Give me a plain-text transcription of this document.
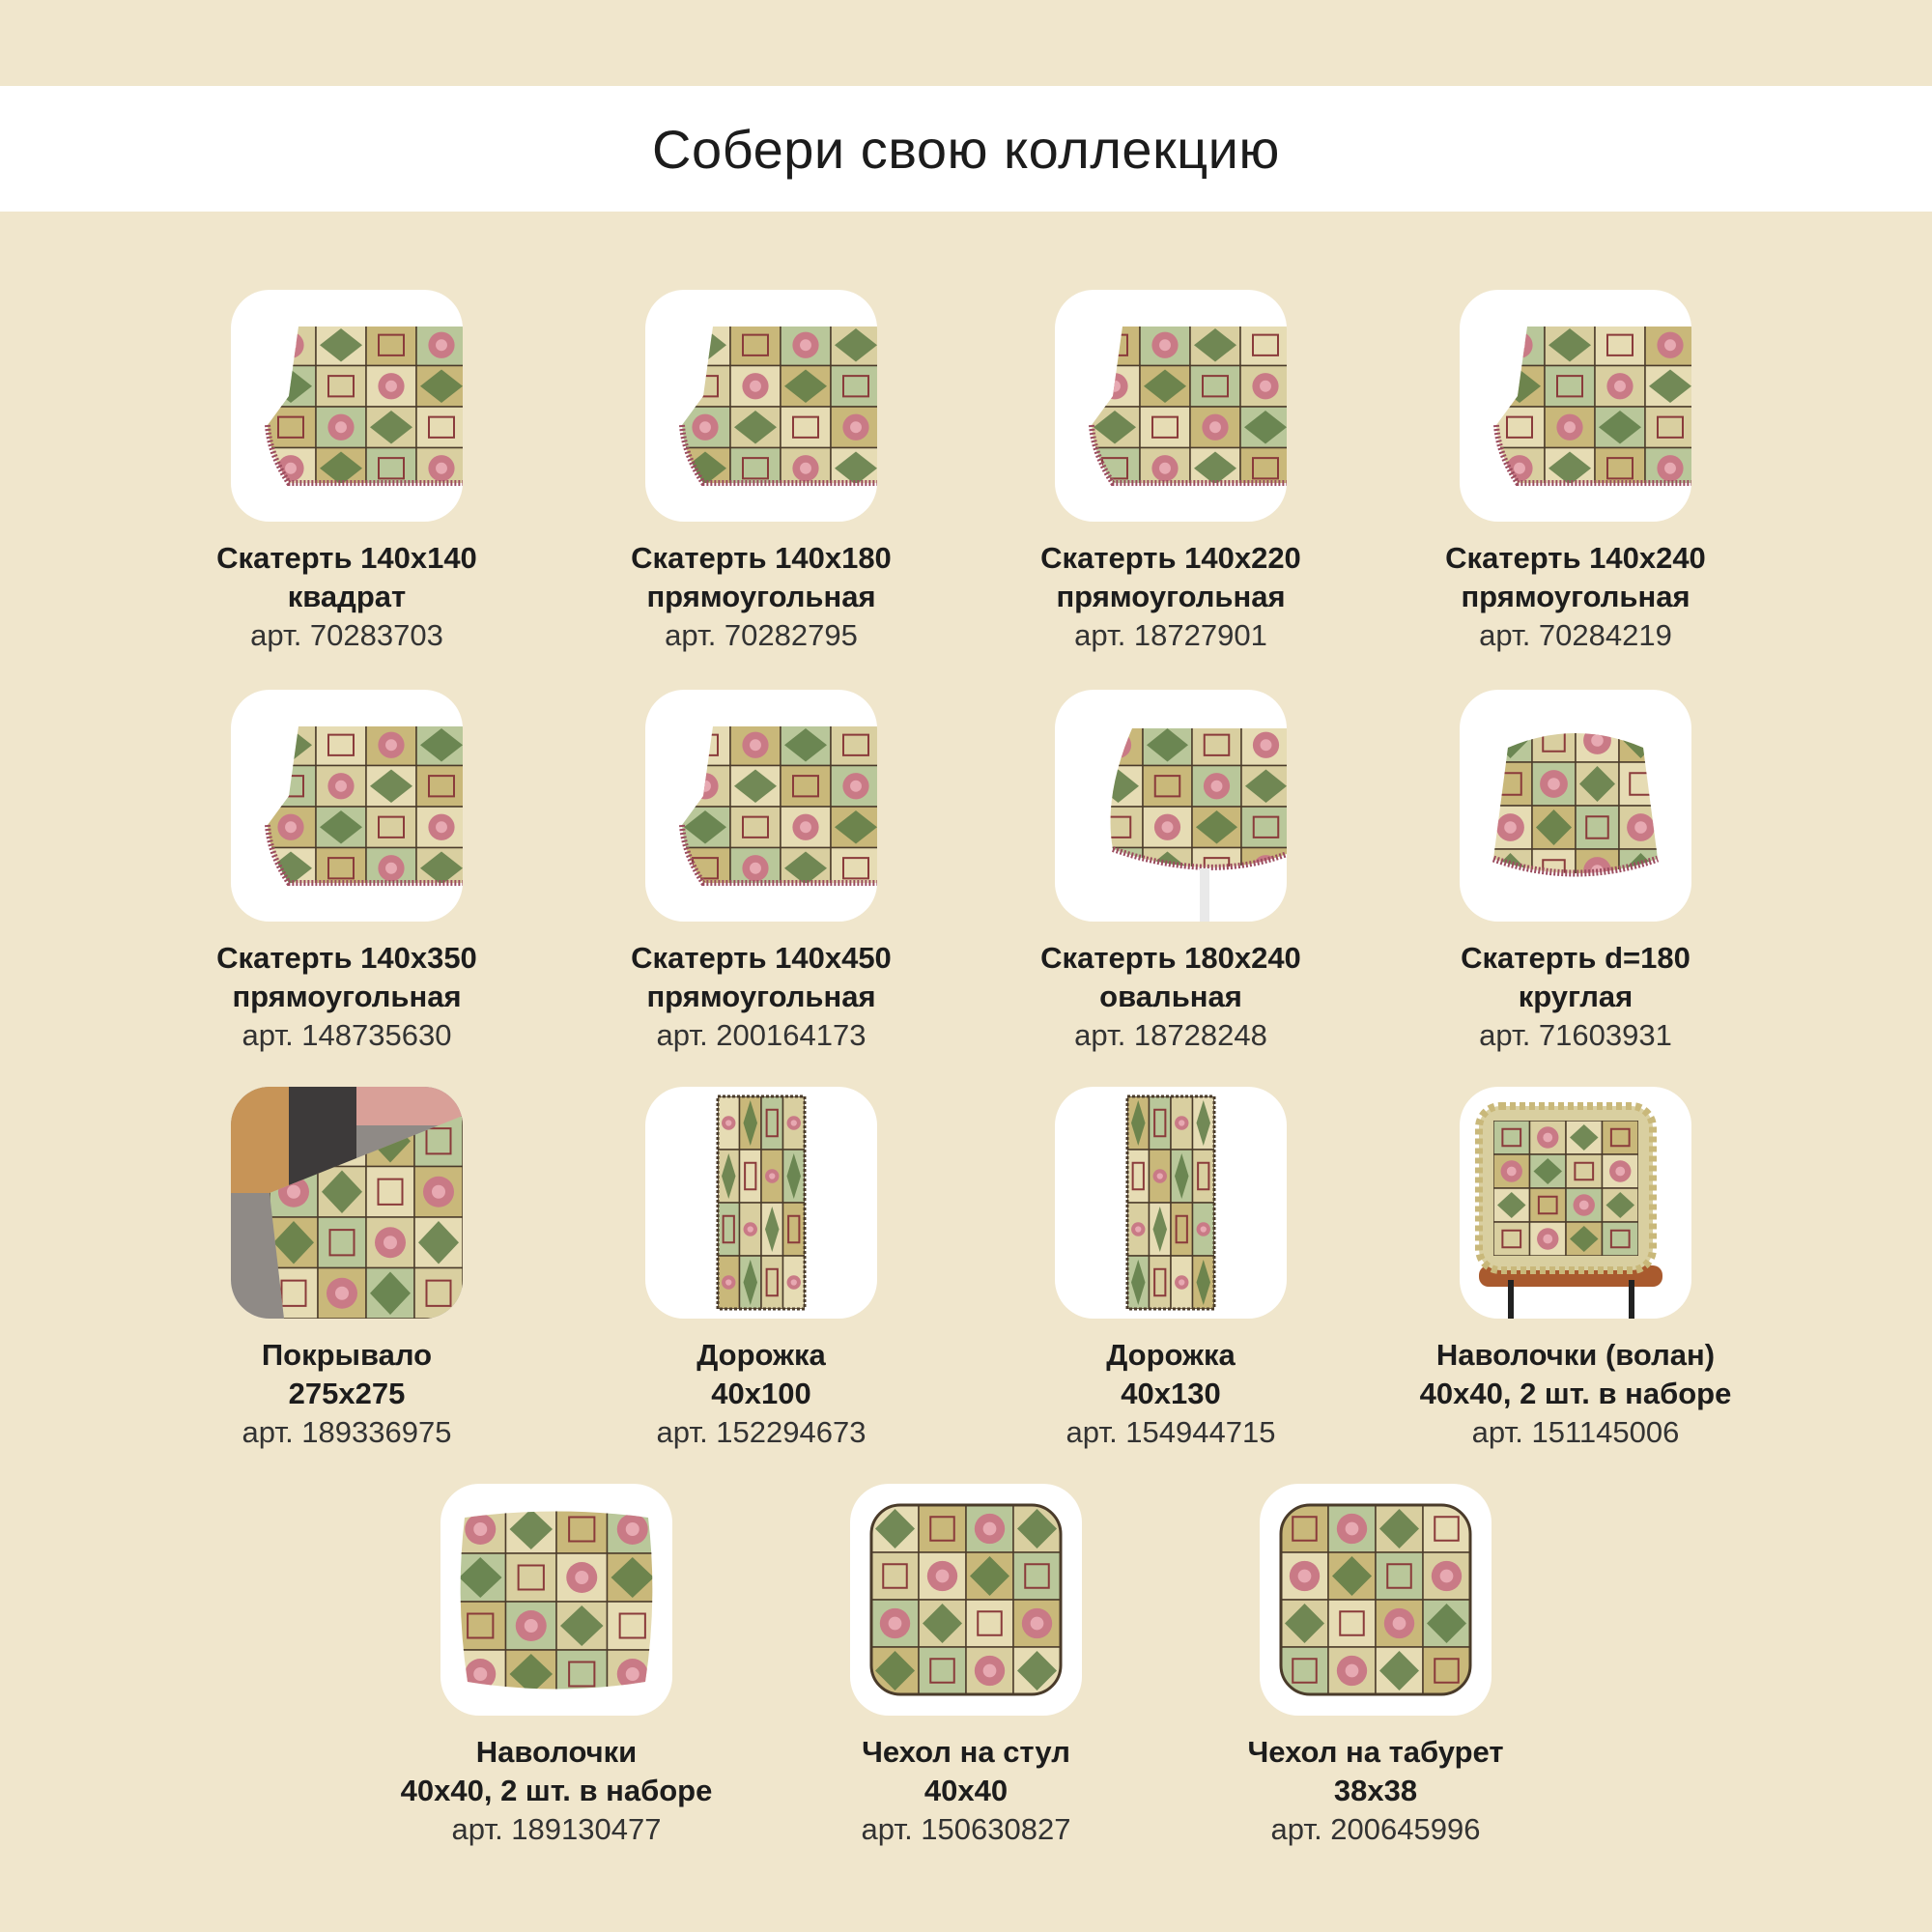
Собери свою коллекцию
Скатерть 140х140
квадрат
арт. 70283703
Скатерть 140х180
прямоугольная
арт. 70282795
Скатерть 140х220
прямоугольная
арт. 18727901
Скатерть 140х240
прямоугольная
арт. 70284219
Скатерть 140х350
прямоугольная
арт. 148735630
Скатерть 140х450
прямоугольная
арт. 200164173
Скатерть 180х240
овальная
арт. 18728248
Скатерть d=180
круглая
арт. 71603931
Покрывало
275х275
арт. 189336975
Дорожка
40х100
арт. 152294673
Дорожка
40х130
арт. 154944715
Наволочки (волан)
40х40, 2 шт. в наборе
арт. 151145006
Наволочки
40х40, 2 шт. в наборе
арт. 189130477
Чехол на стул
40х40
арт. 150630827
Чехол на табурет
38х38
арт. 200645996
